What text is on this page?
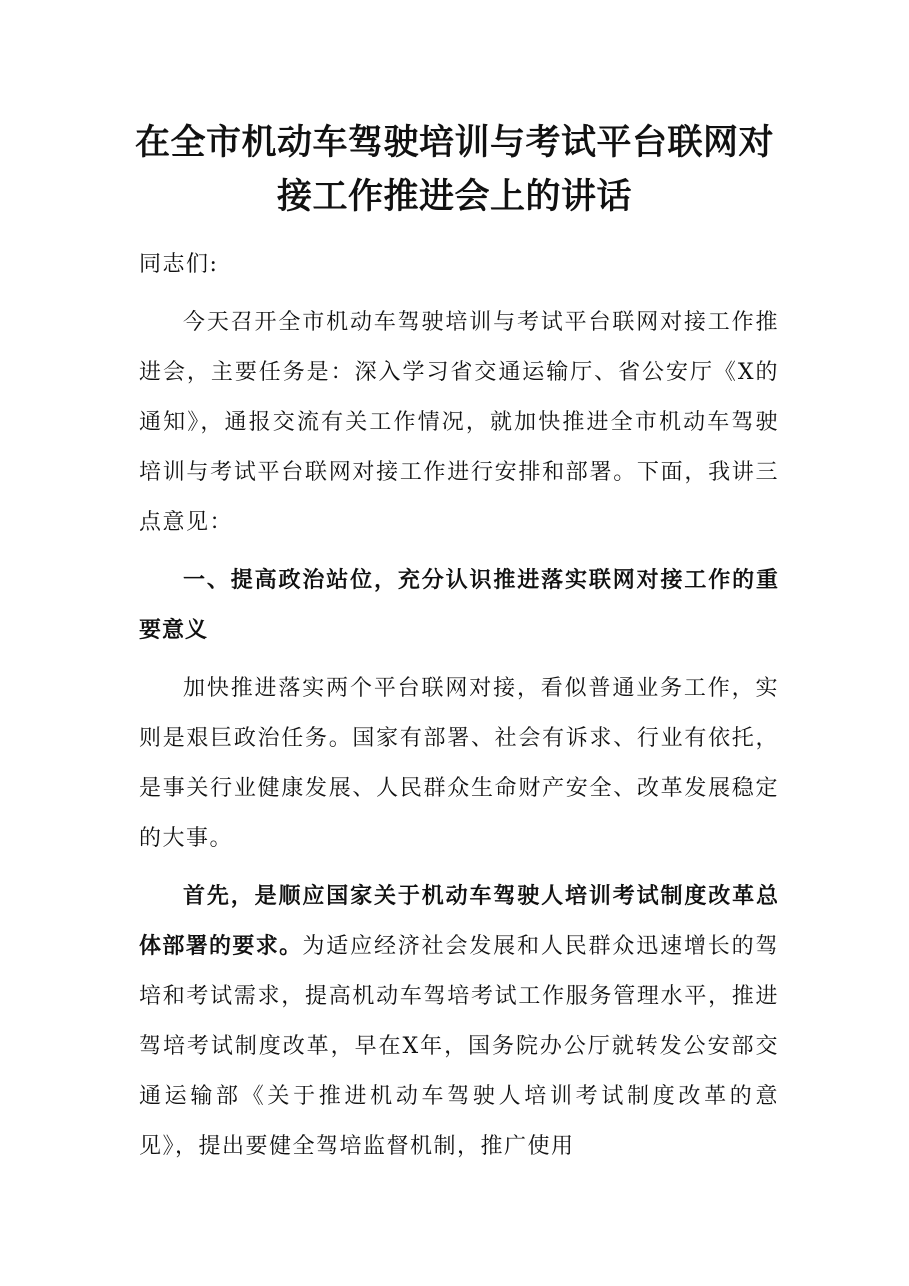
在全市机动车驾驶培训与考试平台联网对接工作推进会上的讲话

同志们:

今天召开全市机动车驾驶培训与考试平台联网对接工作推进会，主要任务是：深入学习省交通运输厅、省公安厅《X的通知》，通报交流有关工作情况，就加快推进全市机动车驾驶培训与考试平台联网对接工作进行安排和部署。下面，我讲三点意见：

一、提高政治站位，充分认识推进落实联网对接工作的重要意义

加快推进落实两个平台联网对接，看似普通业务工作，实则是艰巨政治任务。国家有部署、社会有诉求、行业有依托，是事关行业健康发展、人民群众生命财产安全、改革发展稳定的大事。

首先，是顺应国家关于机动车驾驶人培训考试制度改革总体部署的要求。为适应经济社会发展和人民群众迅速增长的驾培和考试需求，提高机动车驾培考试工作服务管理水平，推进驾培考试制度改革，早在X年，国务院办公厅就转发公安部交通运输部《关于推进机动车驾驶人培训考试制度改革的意见》，提出要健全驾培监督机制，推广使用
